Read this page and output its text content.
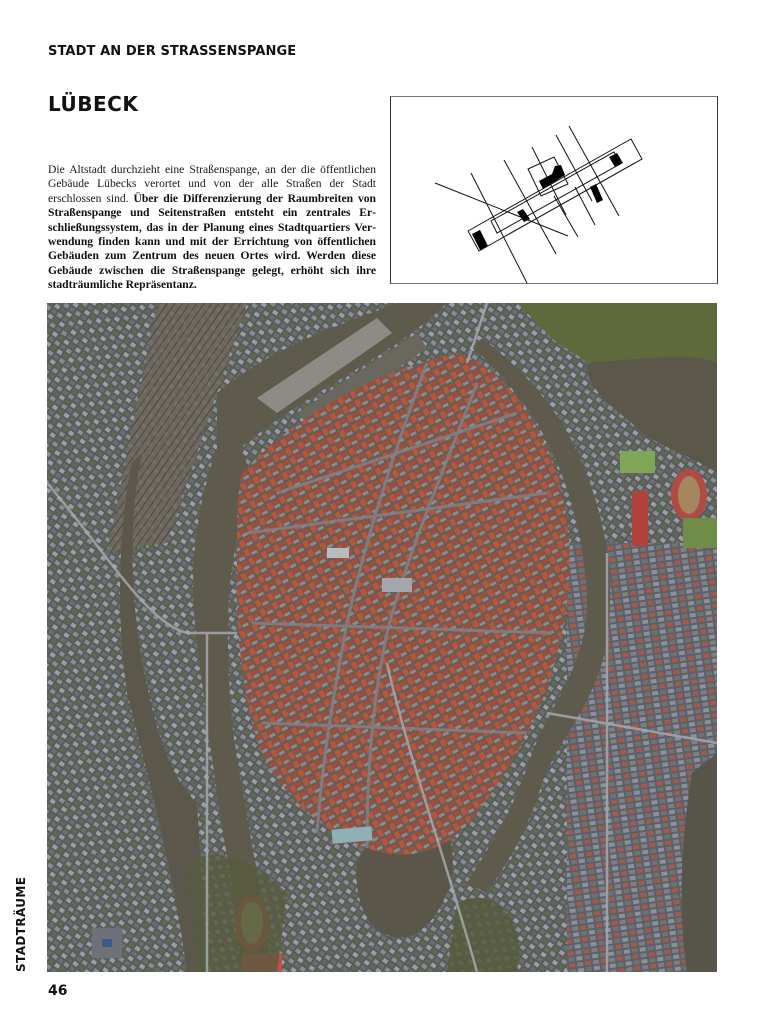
STADT AN DER STRASSENSPANGE
LÜBECK
Die Altstadt durchzieht eine Straßenspange, an der die öffentlichen Gebäude Lübecks verortet und von der alle Straßen der Stadt erschlossen sind. Über die Differenzierung der Raumbreiten von Straßenspange und Seitenstraßen entsteht ein zentrales Erschließungssystem, das in der Planung eines Stadtquartiers Verwendung finden kann und mit der Errichtung von öffentlichen Gebäuden zum Zentrum des neuen Ortes wird. Werden diese Gebäude zwischen die Straßenspange gelegt, erhöht sich ihre stadträumliche Repräsentanz.
STADTRÄUME
46
